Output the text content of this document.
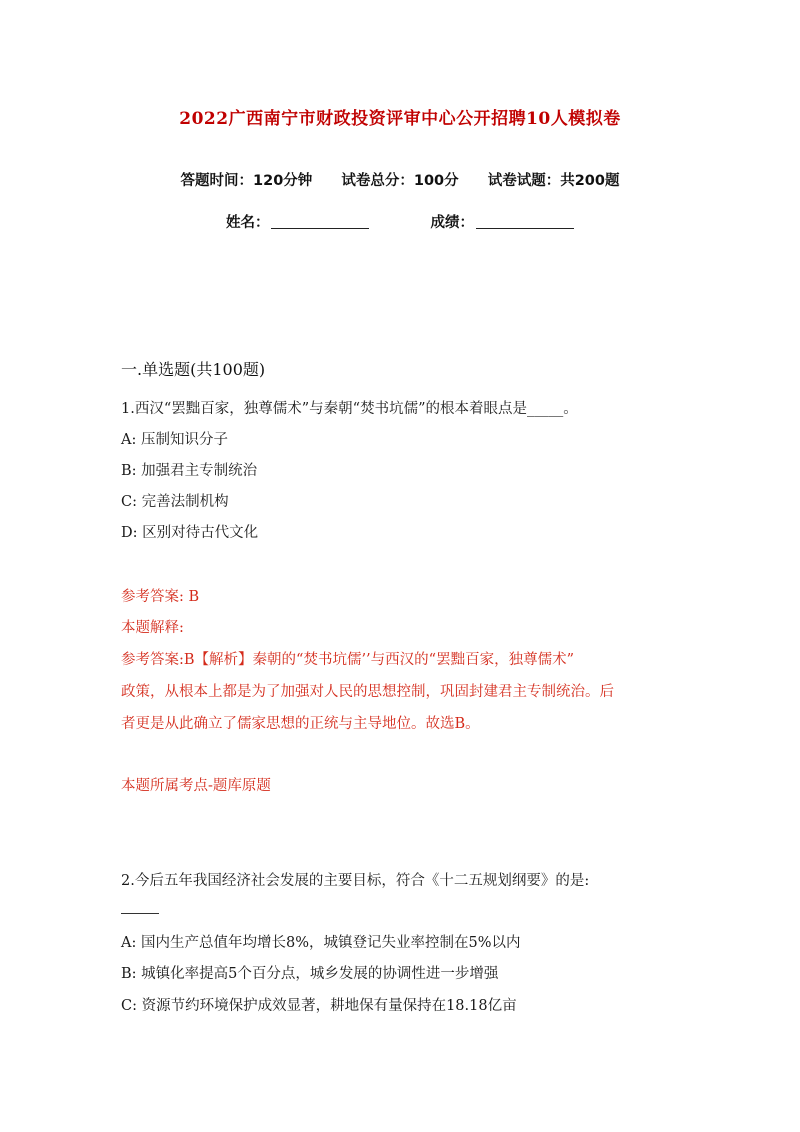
2022广西南宁市财政投资评审中心公开招聘10人模拟卷
答题时间：120分钟 试卷总分：100分 试卷试题：共200题
姓名：	成绩：
一.单选题(共100题)
1.西汉“罢黜百家，独尊儒术”与秦朝“焚书坑儒”的根本着眼点是_____。
A: 压制知识分子
B: 加强君主专制统治
C: 完善法制机构
D: 区别对待古代文化
参考答案: B
本题解释:
参考答案:B【解析】秦朝的“焚书坑儒’’与西汉的“罢黜百家，独尊儒术”
政策，从根本上都是为了加强对人民的思想控制，巩固封建君主专制统治。后
者更是从此确立了儒家思想的正统与主导地位。故选B。
本题所属考点-题库原题
2.今后五年我国经济社会发展的主要目标，符合《十二五规划纲要》的是:
A: 国内生产总值年均增长8%，城镇登记失业率控制在5%以内
B: 城镇化率提高5个百分点，城乡发展的协调性进一步增强
C: 资源节约环境保护成效显著，耕地保有量保持在18.18亿亩
